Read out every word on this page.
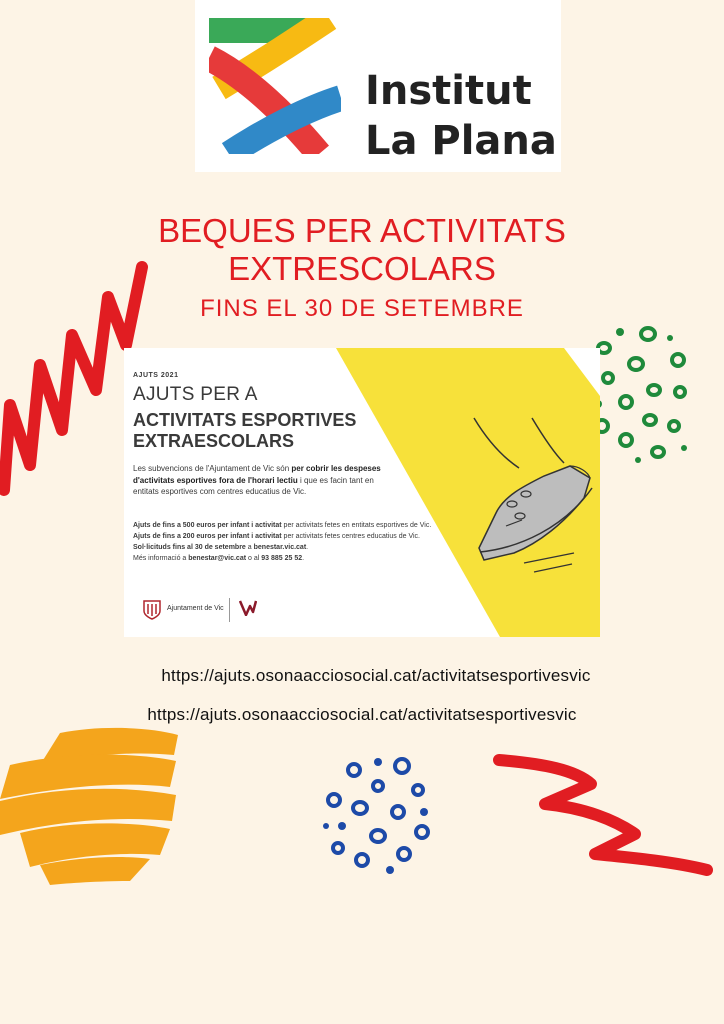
Institut
La Plana
BEQUES PER ACTIVITATS
EXTRESCOLARS
FINS EL 30 DE SETEMBRE
AJUTS 2021
AJUTS PER A
ACTIVITATS ESPORTIVES
EXTRAESCOLARS
Les subvencions de l'Ajuntament de Vic són per cobrir les despeses d'activitats esportives fora de l'horari lectiu i que es facin tant en entitats esportives com centres educatius de Vic.
Ajuts de fins a 500 euros per infant i activitat per activitats fetes en entitats esportives de Vic.
Ajuts de fins a 200 euros per infant i activitat per activitats fetes centres educatius de Vic.
Sol·licituds fins al 30 de setembre a benestar.vic.cat.
Més informació a benestar@vic.cat o al 93 885 25 52.
Ajuntament de Vic
https://ajuts.osonaacciosocial.cat/activitatsesportivesvic
https://ajuts.osonaacciosocial.cat/activitatsesportivesvic
